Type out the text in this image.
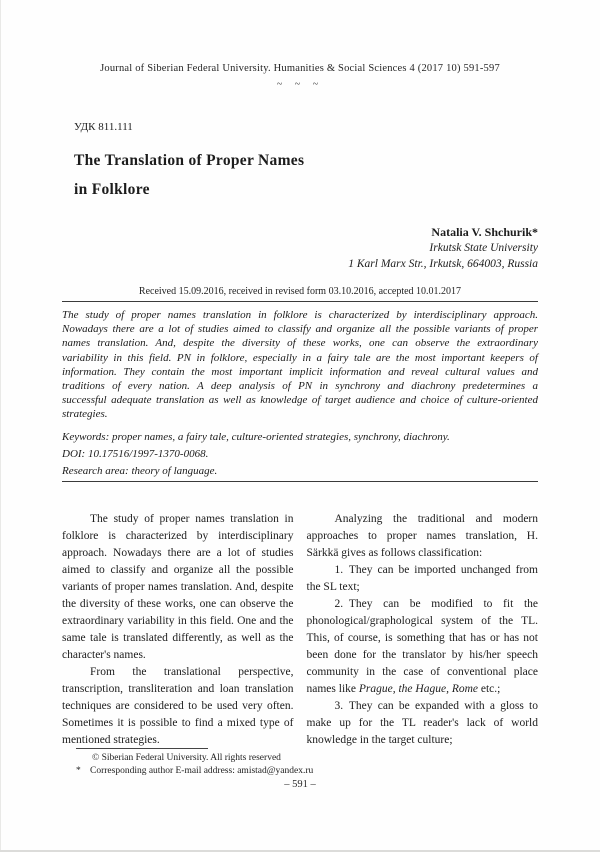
Journal of Siberian Federal University. Humanities & Social Sciences 4 (2017 10) 591-597
~ ~ ~
УДК 811.111
The Translation of Proper Names
in Folklore
Natalia V. Shchurik*
Irkutsk State University
1 Karl Marx Str., Irkutsk, 664003, Russia
Received 15.09.2016, received in revised form 03.10.2016, accepted 10.01.2017
The study of proper names translation in folklore is characterized by interdisciplinary approach. Nowadays there are a lot of studies aimed to classify and organize all the possible variants of proper names translation. And, despite the diversity of these works, one can observe the extraordinary variability in this field. PN in folklore, especially in a fairy tale are the most important keepers of information. They contain the most important implicit information and reveal cultural values and traditions of every nation. A deep analysis of PN in synchrony and diachrony predetermines a successful adequate translation as well as knowledge of target audience and choice of culture-oriented strategies.
Keywords: proper names, a fairy tale, culture-oriented strategies, synchrony, diachrony.
DOI: 10.17516/1997-1370-0068.
Research area: theory of language.

The study of proper names translation in folklore is characterized by interdisciplinary approach. Nowadays there are a lot of studies aimed to classify and organize all the possible variants of proper names translation. And, despite the diversity of these works, one can observe the extraordinary variability in this field. One and the same tale is translated differently, as well as the character's names.

From the translational perspective, transcription, transliteration and loan translation techniques are considered to be used very often. Sometimes it is possible to find a mixed type of mentioned strategies.

Analyzing the traditional and modern approaches to proper names translation, H. Särkkä gives as follows classification:

1. They can be imported unchanged from the SL text;

2. They can be modified to fit the phonological/graphological system of the TL. This, of course, is something that has or has not been done for the translator by his/her speech community in the case of conventional place names like Prague, the Hague, Rome etc.;

3. They can be expanded with a gloss to make up for the TL reader's lack of world knowledge in the target culture;

© Siberian Federal University. All rights reserved
* Corresponding author E-mail address: amistad@yandex.ru
– 591 –
